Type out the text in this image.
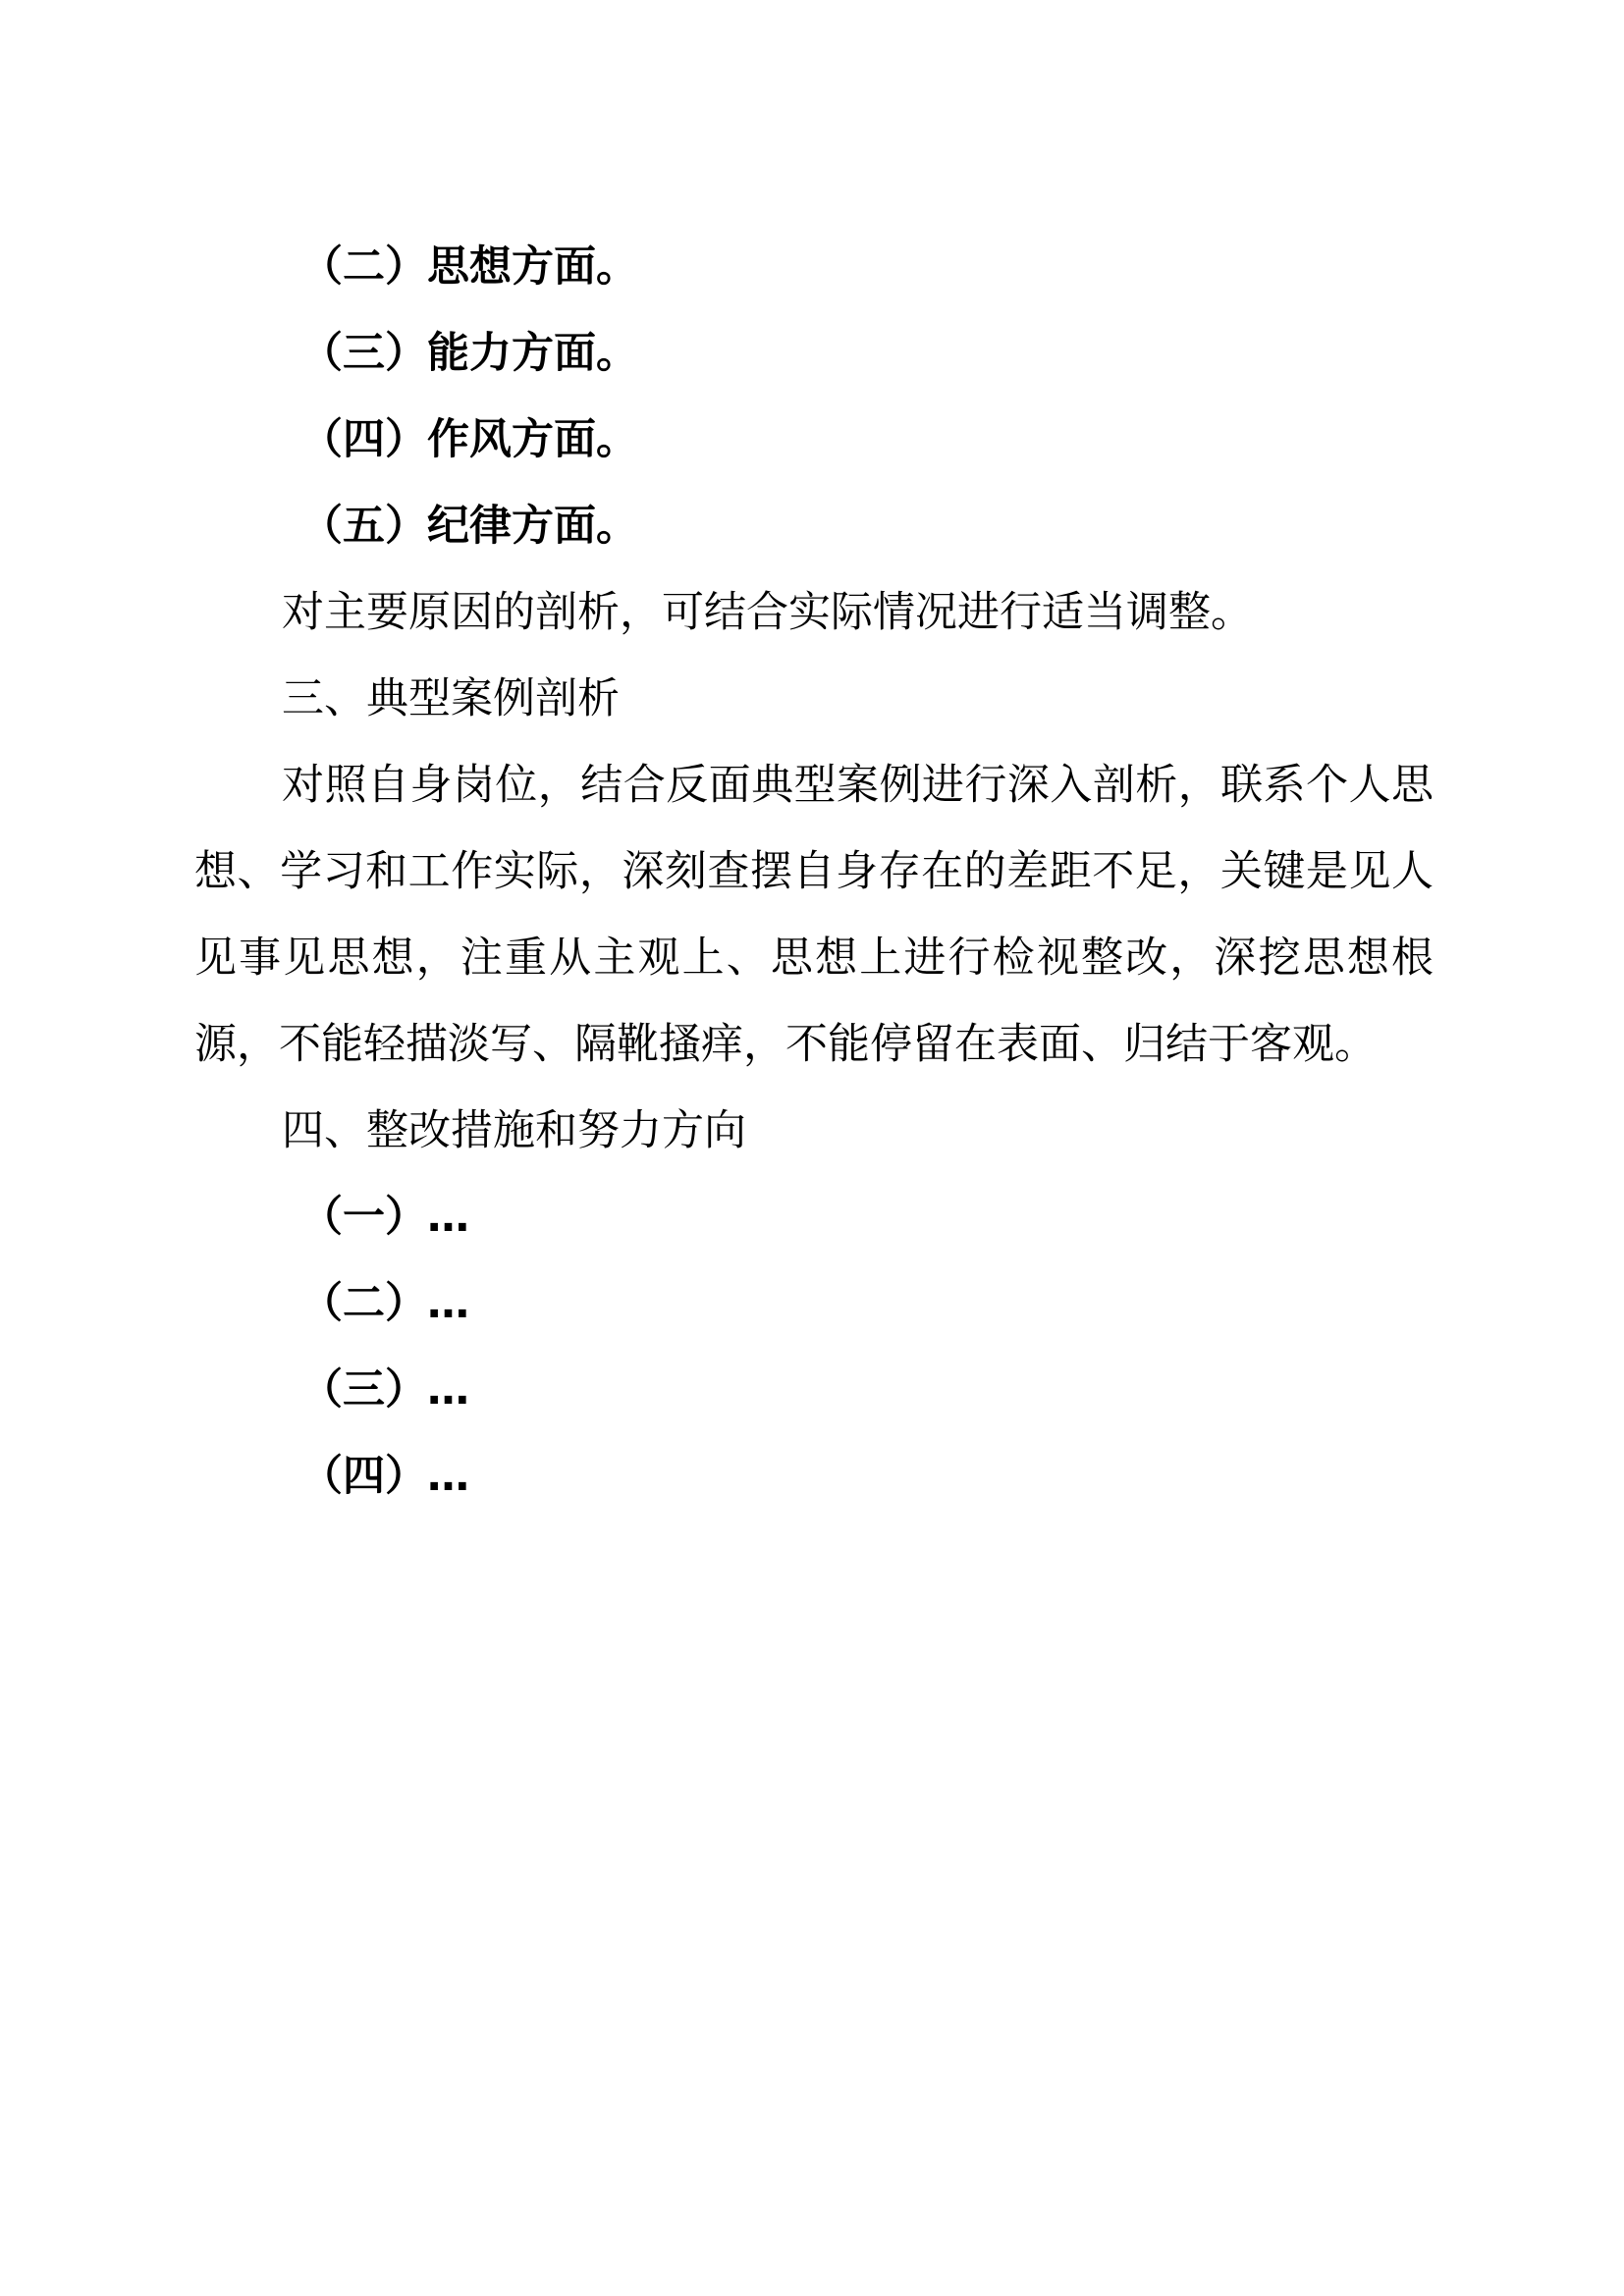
（二）思想方面。

（三）能力方面。

（四）作风方面。

（五）纪律方面。

对主要原因的剖析，可结合实际情况进行适当调整。

三、典型案例剖析

对照自身岗位，结合反面典型案例进行深入剖析，联系个人思想、学习和工作实际，深刻查摆自身存在的差距不足，关键是见人见事见思想，注重从主观上、思想上进行检视整改，深挖思想根源，不能轻描淡写、隔靴搔痒，不能停留在表面、归结于客观。

四、整改措施和努力方向

（一）…

（二）…

（三）…

（四）…
